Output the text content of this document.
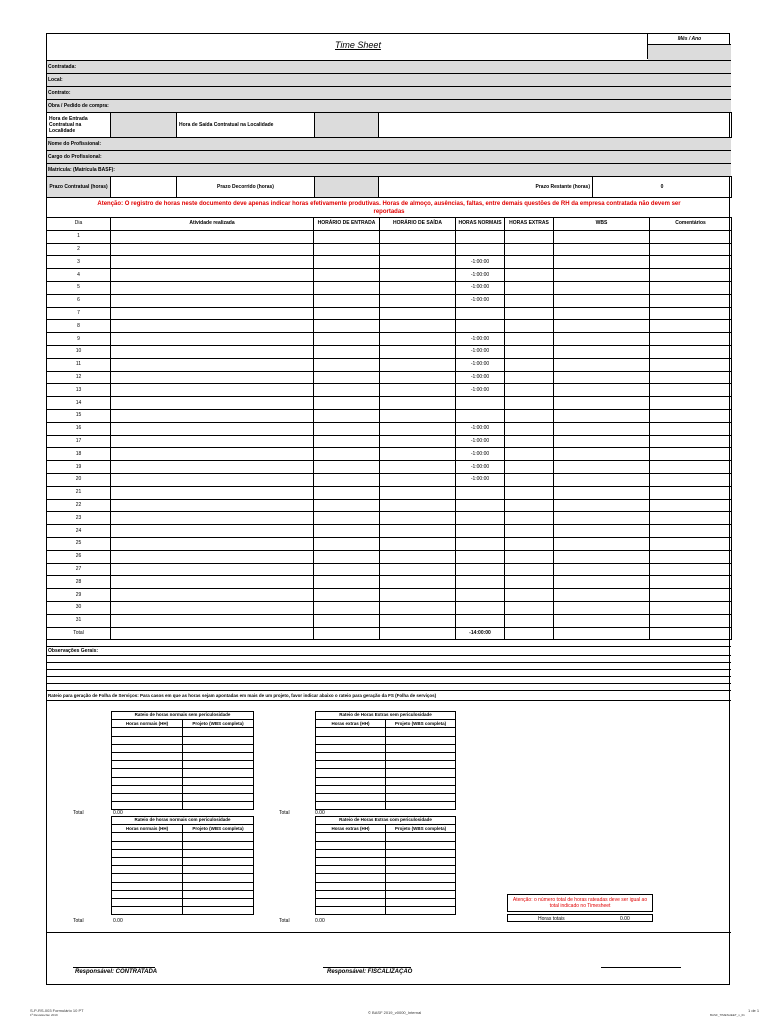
Time Sheet
Mês / Ano
Contratada:
Local:
Contrato:
Obra / Pedido de compra:
Hora de Entrada Contratual na Localidade		Hora de Saída Contratual na Localidade		
Nome do Profissional:
Cargo do Profissional:
Matrícula: (Matrícula BASF):
Prazo Contratual (horas)		Prazo Decorrido (horas)		Prazo Restante (horas)	0
Atenção: O registro de horas neste documento deve apenas indicar horas efetivamente produtivas. Horas de almoço, ausências, faltas, entre demais questões de RH da empresa contratada não devem ser reportadas
Dia	Atividade realizada	HORÁRIO DE ENTRADA	HORÁRIO DE SAÍDA	HORAS NORMAIS	HORAS EXTRAS	WBS	Comentários
1							
2							
3				-1:00:00			
4				-1:00:00			
5				-1:00:00			
6				-1:00:00			
7							
8							
9				-1:00:00			
10				-1:00:00			
11				-1:00:00			
12				-1:00:00			
13				-1:00:00			
14							
15							
16				-1:00:00			
17				-1:00:00			
18				-1:00:00			
19				-1:00:00			
20				-1:00:00			
21							
22							
23							
24							
25							
26							
27							
28							
29							
30							
31							
Total				-14:00:00			
Observações Gerais:
Rateio para geração de Folha de Serviços: Para casos em que as horas sejam apontadas em mais de um projeto, favor indicar abaixo o rateio para geração da FS (Folha de serviços)
Rateio de horas normais sem periculosidade	
Horas normais (HH)	Projeto (WBS completa)

Rateio de Horas Extras sem periculosidade	
Horas extras (HH)	Projeto (WBS completa)

Rateio de horas normais com periculosidade	
Horas normais (HH)	Projeto (WBS completa)

Rateio de Horas Extras com periculosidade	
Horas extras (HH)	Projeto (WBS completa)

Total	0.00	Total	0.00
Total	0.00	Total	0.00
Atenção: o número total de horas rateadas deve ser igual ao total indicado no Timesheet
Horas totais	0.00
Responsável: CONTRATADA	Responsável: FISCALIZAÇÃO
S-P-RS-003 Formulário 10 PT
1ª Revisão/Jan 2019	© BASF 2019_v0000_Internal	1 de 1
BASF_TIMESHEET_v_01
